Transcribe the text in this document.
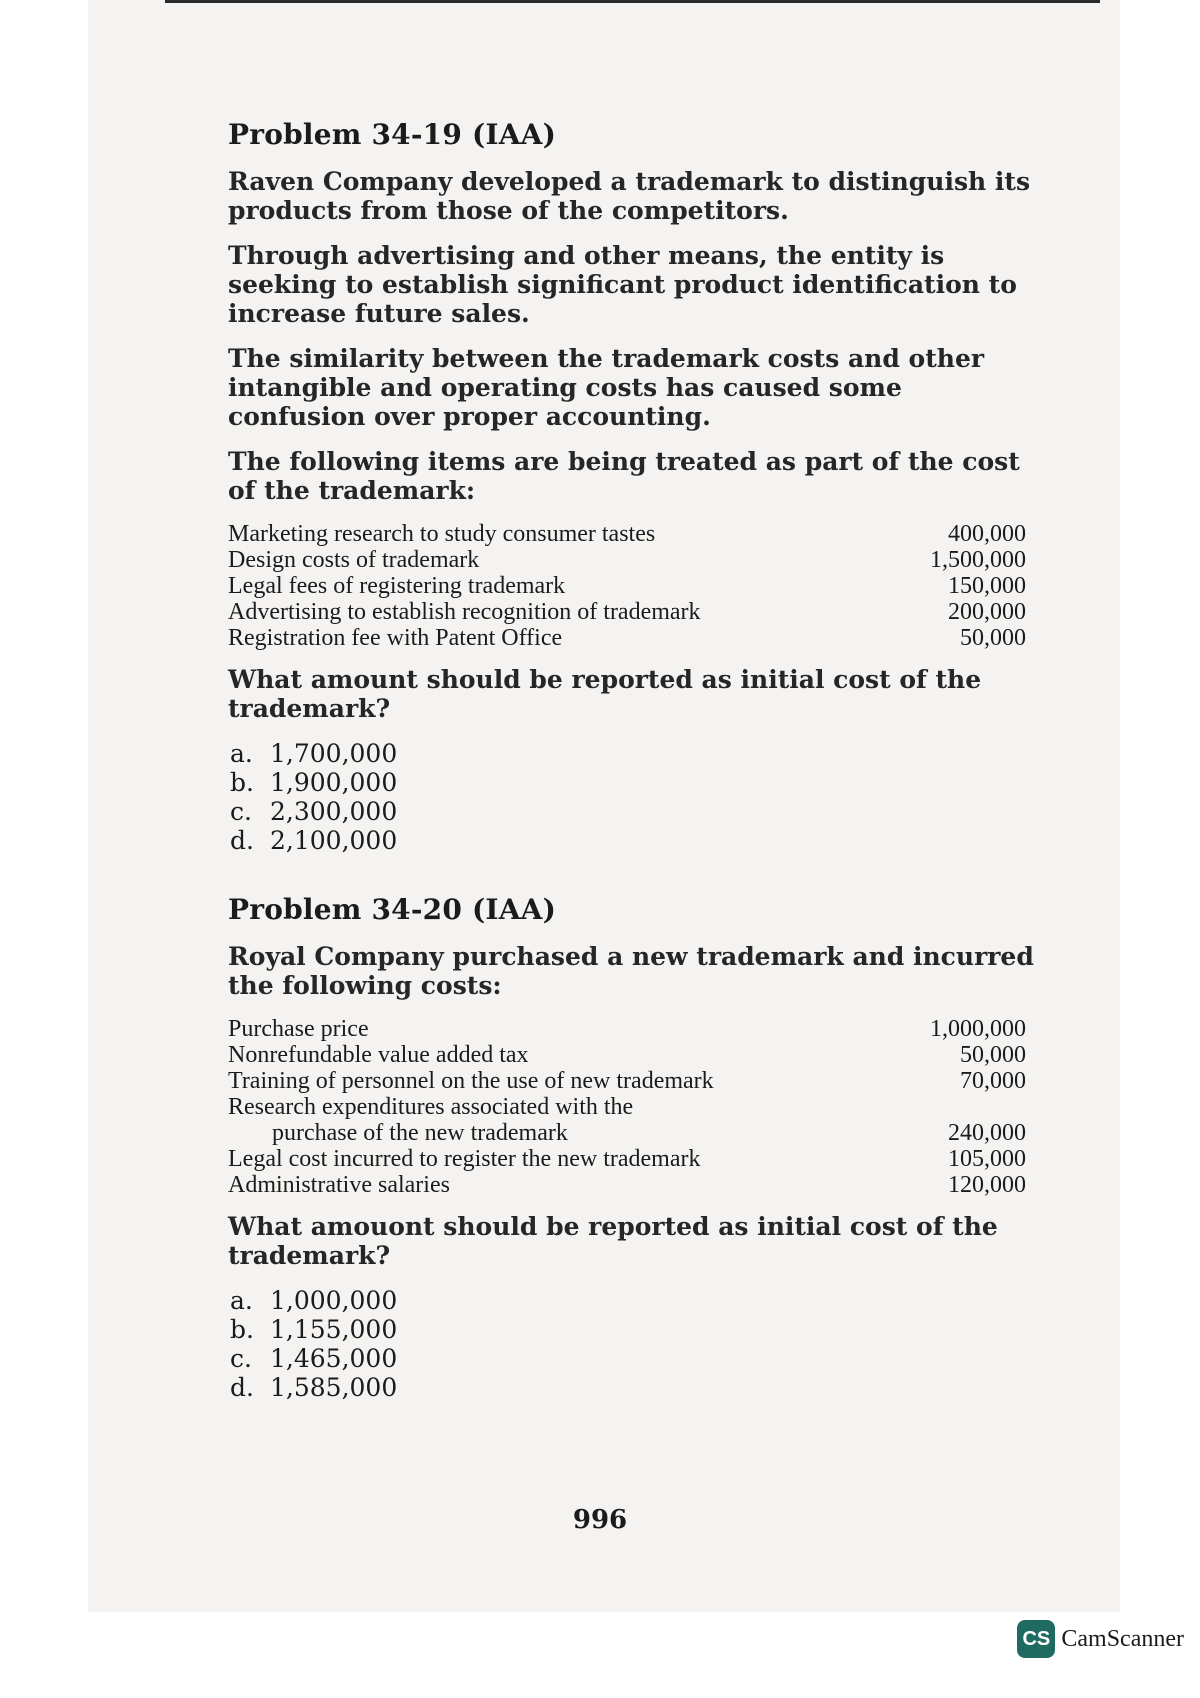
Problem 34-19 (IAA)

Raven Company developed a trademark to distinguish its products from those of the competitors.

Through advertising and other means, the entity is seeking to establish significant product identification to increase future sales.

The similarity between the trademark costs and other intangible and operating costs has caused some confusion over proper accounting.

The following items are being treated as part of the cost of the trademark:

Marketing research to study consumer tastes	400,000
Design costs of trademark	1,500,000
Legal fees of registering trademark	150,000
Advertising to establish recognition of trademark	200,000
Registration fee with Patent Office	50,000

What amount should be reported as initial cost of the trademark?

a. 1,700,000
b. 1,900,000
c. 2,300,000
d. 2,100,000
Problem 34-20 (IAA)

Royal Company purchased a new trademark and incurred the following costs:

Purchase price	1,000,000
Nonrefundable value added tax	50,000
Training of personnel on the use of new trademark	70,000
Research expenditures associated with the	
purchase of the new trademark	240,000
Legal cost incurred to register the new trademark	105,000
Administrative salaries	120,000

What amouont should be reported as initial cost of the trademark?

a. 1,000,000
b. 1,155,000
c. 1,465,000
d. 1,585,000
996
CS CamScanner
